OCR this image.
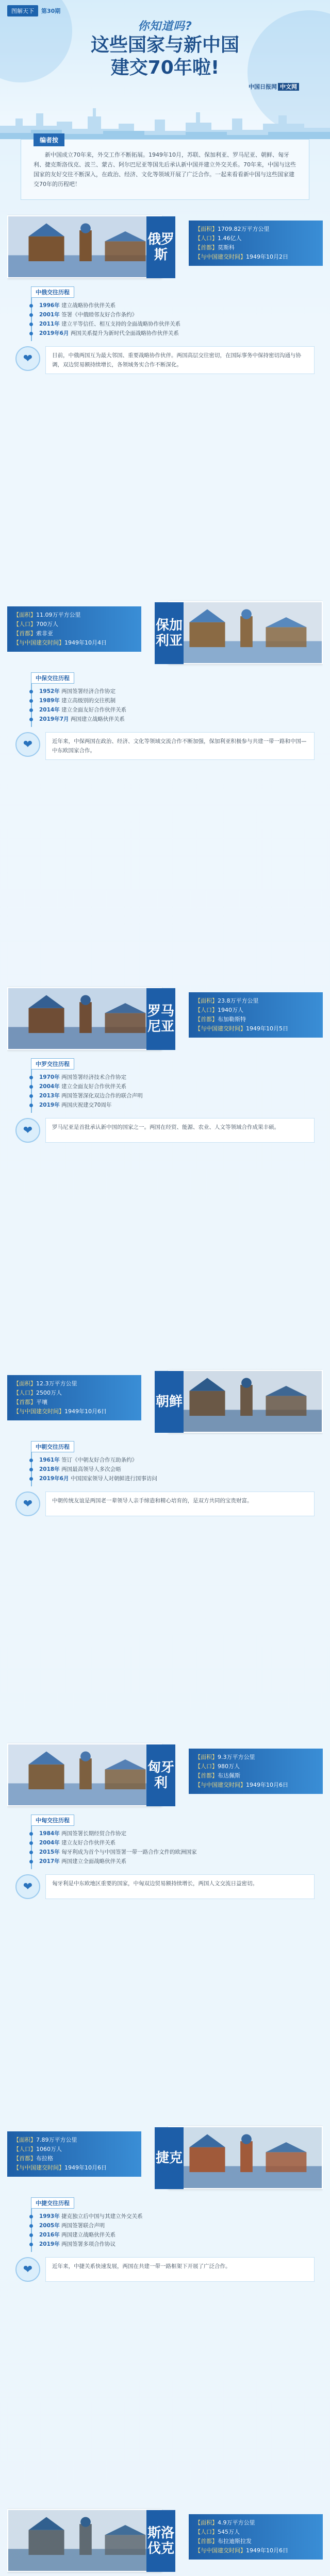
图解天下	第30期
你知道吗?
这些国家与新中国
建交70年啦!
中国日报网 中文网
编者按

新中国成立70年来，外交工作不断拓展。1949年10月，苏联、保加利亚、罗马尼亚、朝鲜、匈牙利、捷克斯洛伐克、波兰、蒙古、阿尔巴尼亚等国先后承认新中国并建立外交关系。70年来，中国与这些国家的友好交往不断深入，在政治、经济、文化等领域开展了广泛合作。一起来看看新中国与这些国家建交70年的历程吧！

【面积】1709.82万平方公里
【人口】1.46亿人
【首都】莫斯科
【与中国建交时间】1949年10月2日
俄罗斯
中俄交往历程
1996年 建立战略协作伙伴关系
2001年 签署《中俄睦邻友好合作条约》
2011年 建立平等信任、相互支持的全面战略协作伙伴关系
2019年6月 两国关系提升为新时代全面战略协作伙伴关系
❤	目前，中俄两国互为最大邻国、重要战略协作伙伴。两国高层交往密切，在国际事务中保持密切沟通与协调，双边贸易额持续增长，各领域务实合作不断深化。
【面积】11.09万平方公里
【人口】700万人
【首都】索非亚
【与中国建交时间】1949年10月4日
保加利亚
中保交往历程
1952年 两国签署经济合作协定
1989年 建立高级别的交往机制
2014年 建立全面友好合作伙伴关系
2019年7月 两国建立战略伙伴关系
❤	近年来，中保两国在政治、经济、文化等领域交流合作不断加强，保加利亚积极参与共建一带一路和中国—中东欧国家合作。
【面积】23.8万平方公里
【人口】1940万人
【首都】布加勒斯特
【与中国建交时间】1949年10月5日
罗马尼亚
中罗交往历程
1970年 两国签署经济技术合作协定
2004年 建立全面友好合作伙伴关系
2013年 两国签署深化双边合作的联合声明
2019年 两国庆祝建交70周年
❤	罗马尼亚是首批承认新中国的国家之一。两国在经贸、能源、农业、人文等领域合作成果丰硕。
【面积】12.3万平方公里
【人口】2500万人
【首都】平壤
【与中国建交时间】1949年10月6日
朝鲜
中朝交往历程
1961年 签订《中朝友好合作互助条约》
2018年 两国最高领导人多次会晤
2019年6月 中国国家领导人对朝鲜进行国事访问
❤	中朝传统友谊是两国老一辈领导人亲手缔造和精心培育的，是双方共同的宝贵财富。
【面积】9.3万平方公里
【人口】980万人
【首都】布达佩斯
【与中国建交时间】1949年10月6日
匈牙利
中匈交往历程
1984年 两国签署长期经贸合作协定
2004年 建立友好合作伙伴关系
2015年 匈牙利成为首个与中国签署一带一路合作文件的欧洲国家
2017年 两国建立全面战略伙伴关系
❤	匈牙利是中东欧地区重要的国家，中匈双边贸易额持续增长，两国人文交流日益密切。
【面积】7.89万平方公里
【人口】1060万人
【首都】布拉格
【与中国建交时间】1949年10月6日
捷克
中捷交往历程
1993年 捷克独立后中国与其建立外交关系
2005年 两国签署联合声明
2016年 两国建立战略伙伴关系
2019年 两国签署多项合作协议
❤	近年来，中捷关系快速发展，两国在共建一带一路框架下开展了广泛合作。
【面积】4.9万平方公里
【人口】545万人
【首都】布拉迪斯拉发
【与中国建交时间】1949年10月6日
斯洛伐克
